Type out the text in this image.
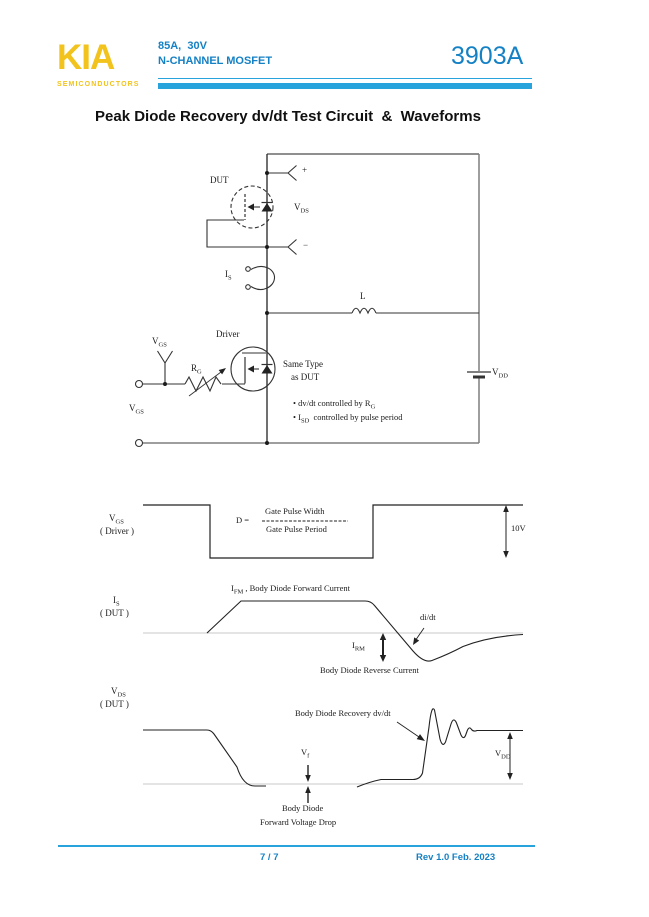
KIA
SEMICONDUCTORS
85A,  30V
N-CHANNEL MOSFET	3903A
Peak Diode Recovery dv/dt Test Circuit  &  Waveforms
DUT
+
$V_{DS}$
−
$I_S$
L
Driver
$V_{GS}$
$R_G$
Same Type
as DUT	$V_{DD}$
$V_{GS}$
• dv/dt controlled by $R_G$
• $I_{SD}$  controlled by pulse period
$V_{GS}$
( Driver )
D =
Gate Pulse Width
Gate Pulse Period	10V
$I_S$
( DUT )
$I_{FM}$ , Body Diode Forward Current
di/dt
$I_{RM}$
Body Diode Reverse Current
$V_{DS}$
( DUT )
Body Diode Recovery dv/dt
$V_f$	$V_{DD}$
Body Diode
Forward Voltage Drop
7 / 7	Rev 1.0 Feb. 2023
